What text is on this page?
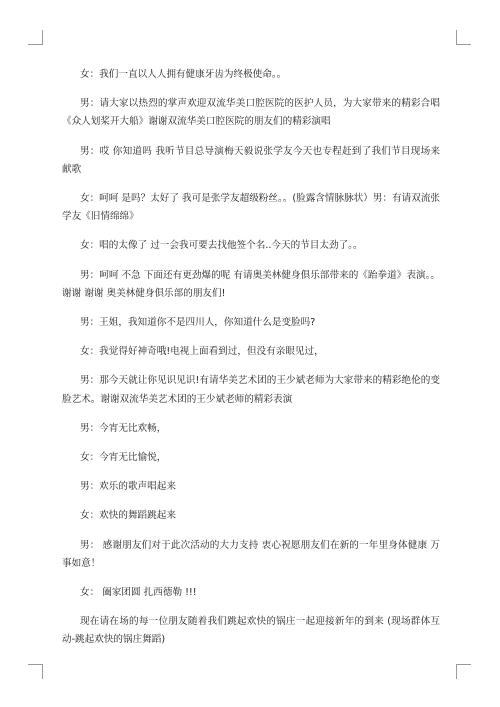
女：我们一直以人人拥有健康牙齿为终极使命。。

男：请大家以热烈的掌声欢迎双流华美口腔医院的医护人员，为大家带来的精彩合唱《众人划桨开大船》谢谢双流华美口腔医院的朋友们的精彩演唱

男：哎 你知道吗 我听节目总导演梅天毅说张学友今天也专程赶到了我们节目现场来献歌

女：呵呵 是吗？太好了 我可是张学友超级粉丝。。(脸露含情脉脉状）男：有请双流张学友《旧情绵绵》

女：唱的太像了 过一会我可要去找他签个名..今天的节目太劲了。。

男：呵呵 不急 下面还有更劲爆的呢 有请奥美林健身俱乐部带来的《跆拳道》表演。。谢谢 谢谢 奥美林健身俱乐部的朋友们!

男：王姐，我知道你不是四川人，你知道什么是变脸吗?

女：我觉得好神奇哦!电视上面看到过，但没有亲眼见过，

男：那今天就让你见识见识!有请华美艺术团的王少斌老师为大家带来的精彩绝伦的变脸艺术。谢谢双流华美艺术团的王少斌老师的精彩表演

男：今宵无比欢畅，

女：今宵无比愉悦，

男：欢乐的歌声唱起来

女：欢快的舞蹈跳起来

男： 感谢朋友们对于此次活动的大力支持 衷心祝愿朋友们在新的一年里身体健康 万事如意！

女： 阖家团圆 扎西德勒 !!!

现在请在场的每一位朋友随着我们跳起欢快的锅庄一起迎接新年的到来 (现场群体互动-跳起欢快的锅庄舞蹈)
